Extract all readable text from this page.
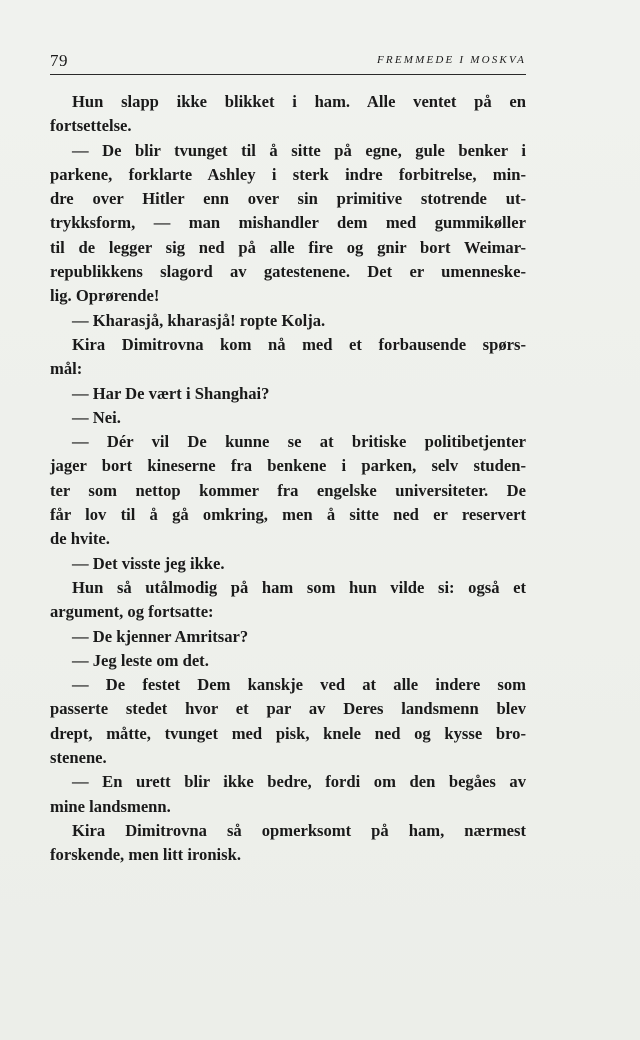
79	FREMMEDE I MOSKVA
Hun slapp ikke blikket i ham. Alle ventet på en
fortsettelse.
— De blir tvunget til å sitte på egne, gule benker i
parkene, forklarte Ashley i sterk indre forbitrelse, min-
dre over Hitler enn over sin primitive stotrende ut-
trykksform, — man mishandler dem med gummikøller
til de legger sig ned på alle fire og gnir bort Weimar-
republikkens slagord av gatestenene. Det er umenneske-
lig. Oprørende!
— Kharasjå, kharasjå! ropte Kolja.
Kira Dimitrovna kom nå med et forbausende spørs-
mål:
— Har De vært i Shanghai?
— Nei.
— Dér vil De kunne se at britiske politibetjenter
jager bort kineserne fra benkene i parken, selv studen-
ter som nettop kommer fra engelske universiteter. De
får lov til å gå omkring, men å sitte ned er reservert
de hvite.
— Det visste jeg ikke.
Hun så utålmodig på ham som hun vilde si: også et
argument, og fortsatte:
— De kjenner Amritsar?
— Jeg leste om det.
— De festet Dem kanskje ved at alle indere som
passerte stedet hvor et par av Deres landsmenn blev
drept, måtte, tvunget med pisk, knele ned og kysse bro-
stenene.
— En urett blir ikke bedre, fordi om den begåes av
mine landsmenn.
Kira Dimitrovna så opmerksomt på ham, nærmest
forskende, men litt ironisk.
